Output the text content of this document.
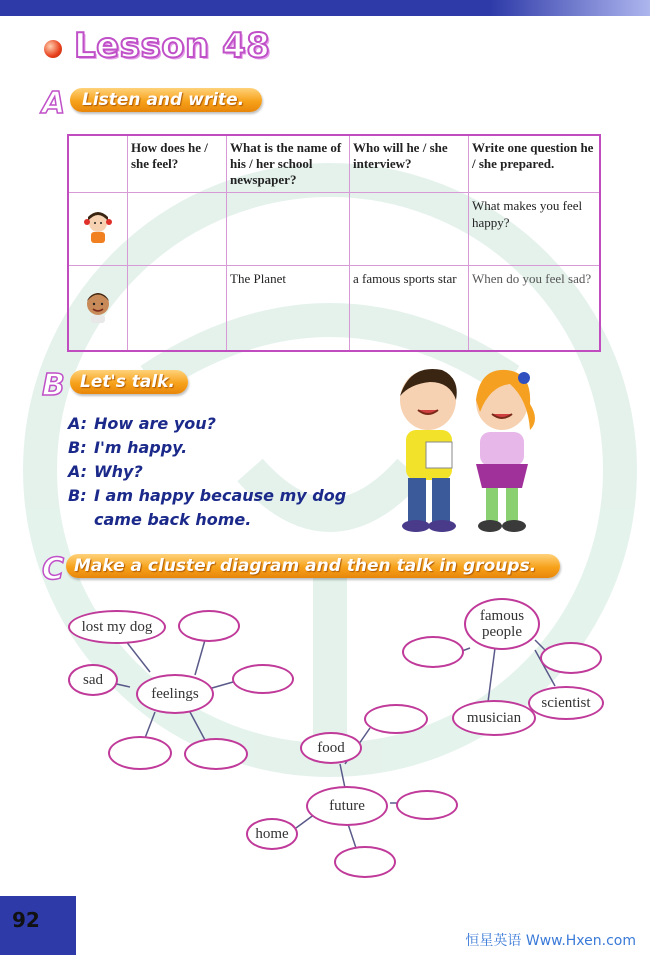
Lesson 48
A Listen and write.
	How does he / she feel?	What is the name of his / her school newspaper?	Who will he / she interview?	Write one question he / she prepared.

				What makes you feel happy?

		The Planet	a famous sports star	When do you feel sad?
B Let's talk.
A: How are you?
B: I'm happy.
A: Why?
B: I am happy because my dog
came back home.
C Make a cluster diagram and then talk in groups.
lost my dog
sad
feelings
food
future
home
famous people
musician
scientist
92
恒星英语 Www.Hxen.com
